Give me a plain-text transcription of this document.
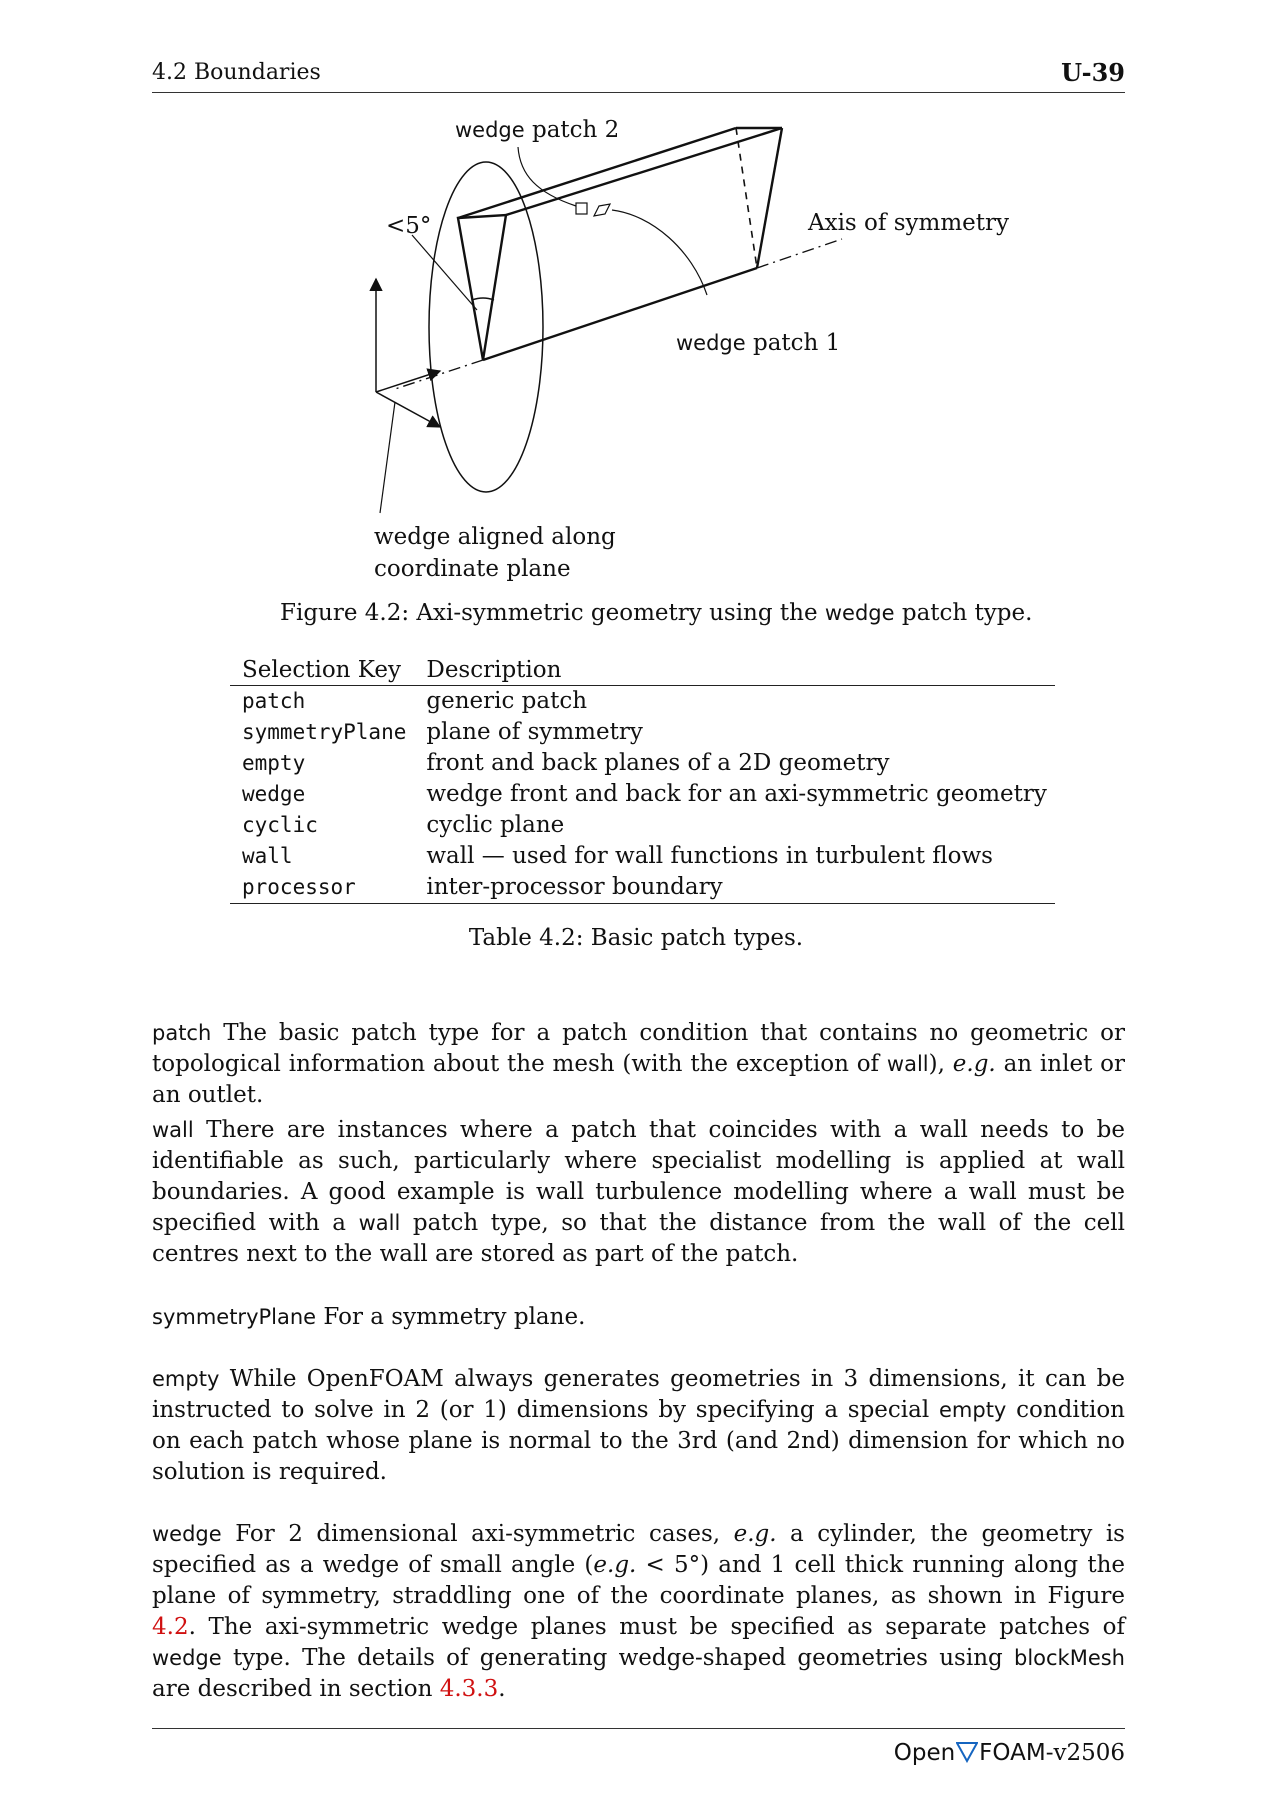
4.2 Boundaries	U-39
wedge patch 2
<5°	Axis of symmetry
wedge patch 1
wedge aligned along
coordinate plane
Figure 4.2: Axi-symmetric geometry using the wedge patch type.
Selection Key	Description
patch	generic patch
symmetryPlane	plane of symmetry
empty	front and back planes of a 2D geometry
wedge	wedge front and back for an axi-symmetric geometry
cyclic	cyclic plane
wall	wall — used for wall functions in turbulent flows
processor	inter-processor boundary
Table 4.2: Basic patch types.
patch The basic patch type for a patch condition that contains no geometric or topological information about the mesh (with the exception of wall), e.g. an inlet or an outlet.
wall There are instances where a patch that coincides with a wall needs to be identifiable as such, particularly where specialist modelling is applied at wall boundaries. A good example is wall turbulence modelling where a wall must be specified with a wall patch type, so that the distance from the wall of the cell centres next to the wall are stored as part of the patch.
symmetryPlane For a symmetry plane.
empty While OpenFOAM always generates geometries in 3 dimensions, it can be instructed to solve in 2 (or 1) dimensions by specifying a special empty condition on each patch whose plane is normal to the 3rd (and 2nd) dimension for which no solution is required.
wedge For 2 dimensional axi-symmetric cases, e.g. a cylinder, the geometry is specified as a wedge of small angle (e.g. < 5°) and 1 cell thick running along the plane of symmetry, straddling one of the coordinate planes, as shown in Figure 4.2. The axi-symmetric wedge planes must be specified as separate patches of wedge type. The details of generating wedge-shaped geometries using blockMesh are described in section 4.3.3.
Open FOAM -v2506
